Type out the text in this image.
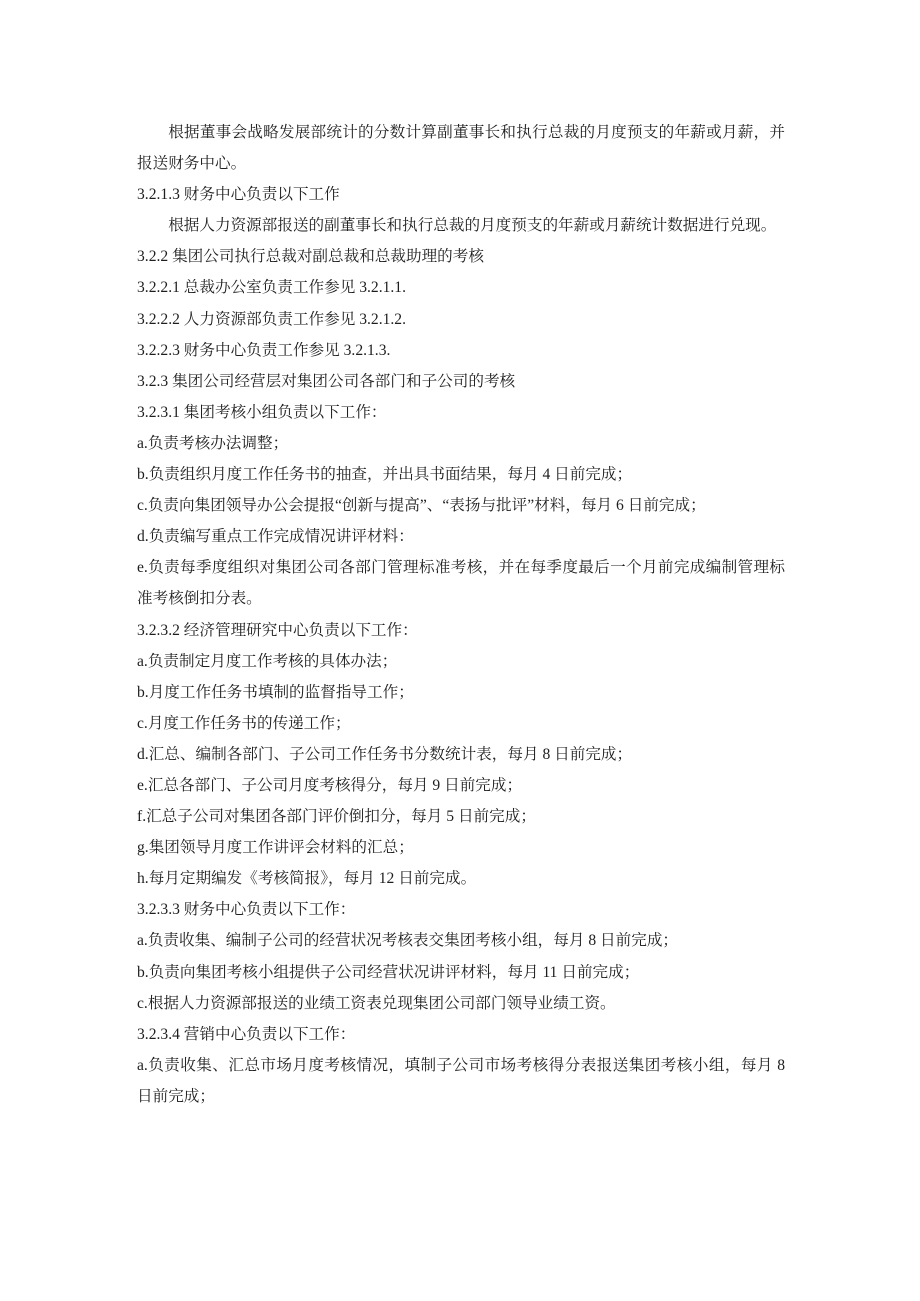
根据董事会战略发展部统计的分数计算副董事长和执行总裁的月度预支的年薪或月薪，并报送财务中心。

3.2.1.3 财务中心负责以下工作

根据人力资源部报送的副董事长和执行总裁的月度预支的年薪或月薪统计数据进行兑现。

3.2.2 集团公司执行总裁对副总裁和总裁助理的考核

3.2.2.1 总裁办公室负责工作参见 3.2.1.1.

3.2.2.2 人力资源部负责工作参见 3.2.1.2.

3.2.2.3 财务中心负责工作参见 3.2.1.3.

3.2.3 集团公司经营层对集团公司各部门和子公司的考核

3.2.3.1 集团考核小组负责以下工作：

a.负责考核办法调整；

b.负责组织月度工作任务书的抽查，并出具书面结果，每月 4 日前完成；

c.负责向集团领导办公会提报“创新与提高”、“表扬与批评”材料，每月 6 日前完成；

d.负责编写重点工作完成情况讲评材料：

e.负责每季度组织对集团公司各部门管理标准考核，并在每季度最后一个月前完成编制管理标准考核倒扣分表。

3.2.3.2 经济管理研究中心负责以下工作：

a.负责制定月度工作考核的具体办法；

b.月度工作任务书填制的监督指导工作；

c.月度工作任务书的传递工作；

d.汇总、编制各部门、子公司工作任务书分数统计表，每月 8 日前完成；

e.汇总各部门、子公司月度考核得分，每月 9 日前完成；

f.汇总子公司对集团各部门评价倒扣分，每月 5 日前完成；

g.集团领导月度工作讲评会材料的汇总；

h.每月定期编发《考核简报》，每月 12 日前完成。

3.2.3.3 财务中心负责以下工作：

a.负责收集、编制子公司的经营状况考核表交集团考核小组，每月 8 日前完成；

b.负责向集团考核小组提供子公司经营状况讲评材料，每月 11 日前完成；

c.根据人力资源部报送的业绩工资表兑现集团公司部门领导业绩工资。

3.2.3.4 营销中心负责以下工作：

a.负责收集、汇总市场月度考核情况，填制子公司市场考核得分表报送集团考核小组，每月 8 日前完成；
